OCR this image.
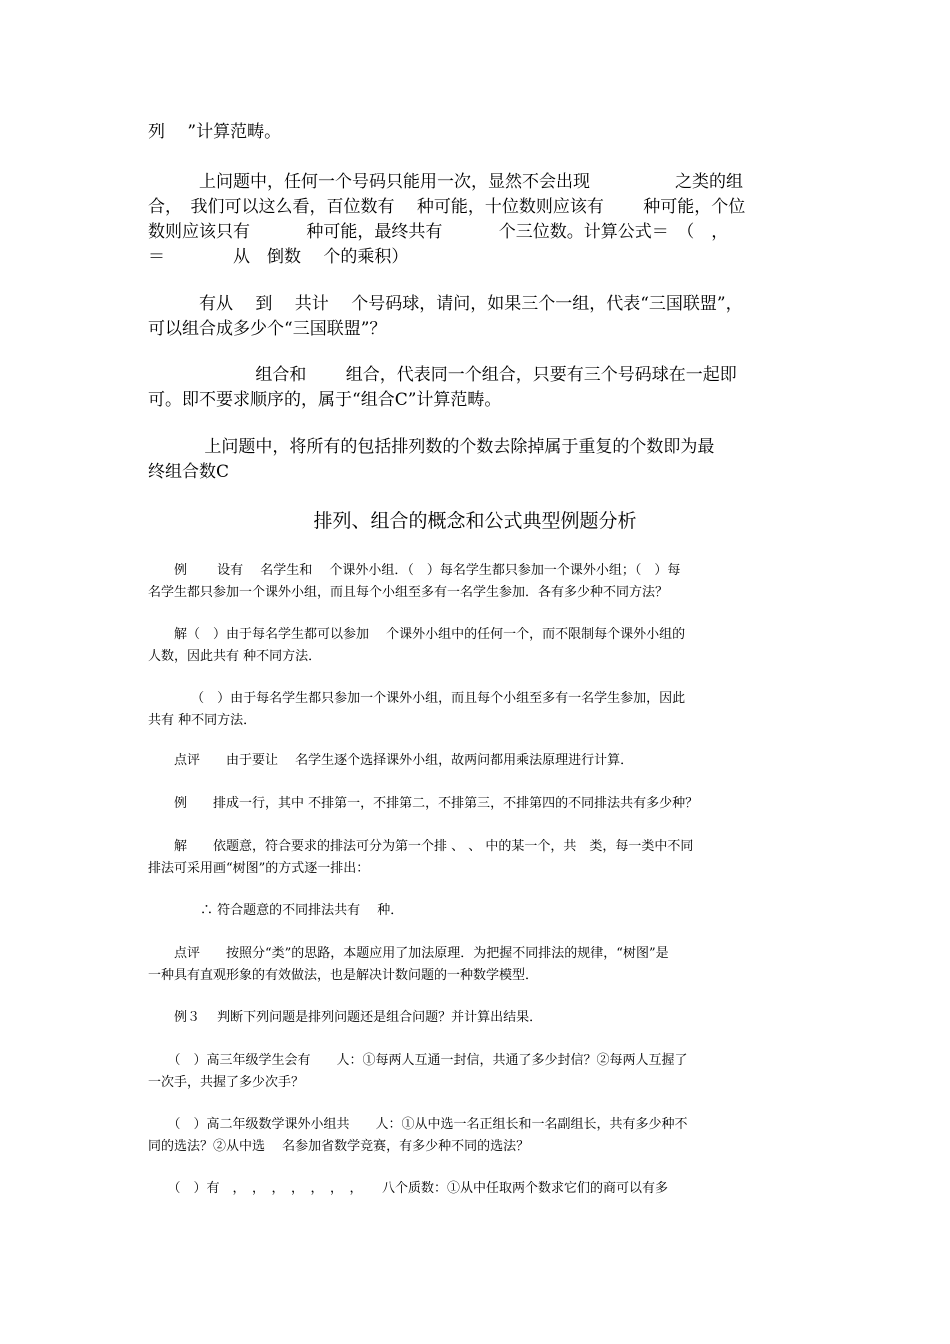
列　 ”计算范畴。
　　　上问题中，任何一个号码只能用一次，显然不会出现　　　　　之类的组
合，　我们可以这么看，百位数有　 种可能，十位数则应该有　　 种可能，个位
数则应该只有　　　 种可能，最终共有　　　 个三位数。计算公式＝　（　，
＝　　　　从　倒数　 个的乘积）
　　　有从　 到　 共计　 个号码球，请问，如果三个一组，代表“三国联盟”，
可以组合成多少个“三国联盟”？
　　　　　　 组合和　　 组合，代表同一个组合，只要有三个号码球在一起即
可。即不要求顺序的，属于“组合C”计算范畴。
　　　 上问题中，将所有的包括排列数的个数去除掉属于重复的个数即为最
终组合数C
排列、组合的概念和公式典型例题分析
　　例　　 设有　 名学生和　 个课外小组．（　）每名学生都只参加一个课外小组；（　）每
名学生都只参加一个课外小组，而且每个小组至多有一名学生参加．各有多少种不同方法？
　　解（　）由于每名学生都可以参加　 个课外小组中的任何一个，而不限制每个课外小组的
人数，因此共有 种不同方法．
　　　 （　）由于每名学生都只参加一个课外小组，而且每个小组至多有一名学生参加，因此
共有 种不同方法．
　　点评　　由于要让　 名学生逐个选择课外小组，故两问都用乘法原理进行计算．
　　例　　排成一行，其中 不排第一，不排第二，不排第三，不排第四的不同排法共有多少种？
　　解　　依题意，符合要求的排法可分为第一个排 、 、 中的某一个，共　类，每一类中不同
排法可采用画“树图”的方式逐一排出：
　　　　∴ 符合题意的不同排法共有　 种．
　　点评　　按照分“类”的思路，本题应用了加法原理．为把握不同排法的规律，“树图”是
一种具有直观形象的有效做法，也是解决计数问题的一种数学模型．
　　例３　 判断下列问题是排列问题还是组合问题？并计算出结果．
　　（　）高三年级学生会有　　人：①每两人互通一封信，共通了多少封信？②每两人互握了
一次手，共握了多少次手？
　　（　）高二年级数学课外小组共　　人：①从中选一名正组长和一名副组长，共有多少种不
同的选法？②从中选　 名参加省数学竞赛，有多少种不同的选法？
　　（　）有　，　，　，　，　，　，　，　　八个质数：①从中任取两个数求它们的商可以有多
